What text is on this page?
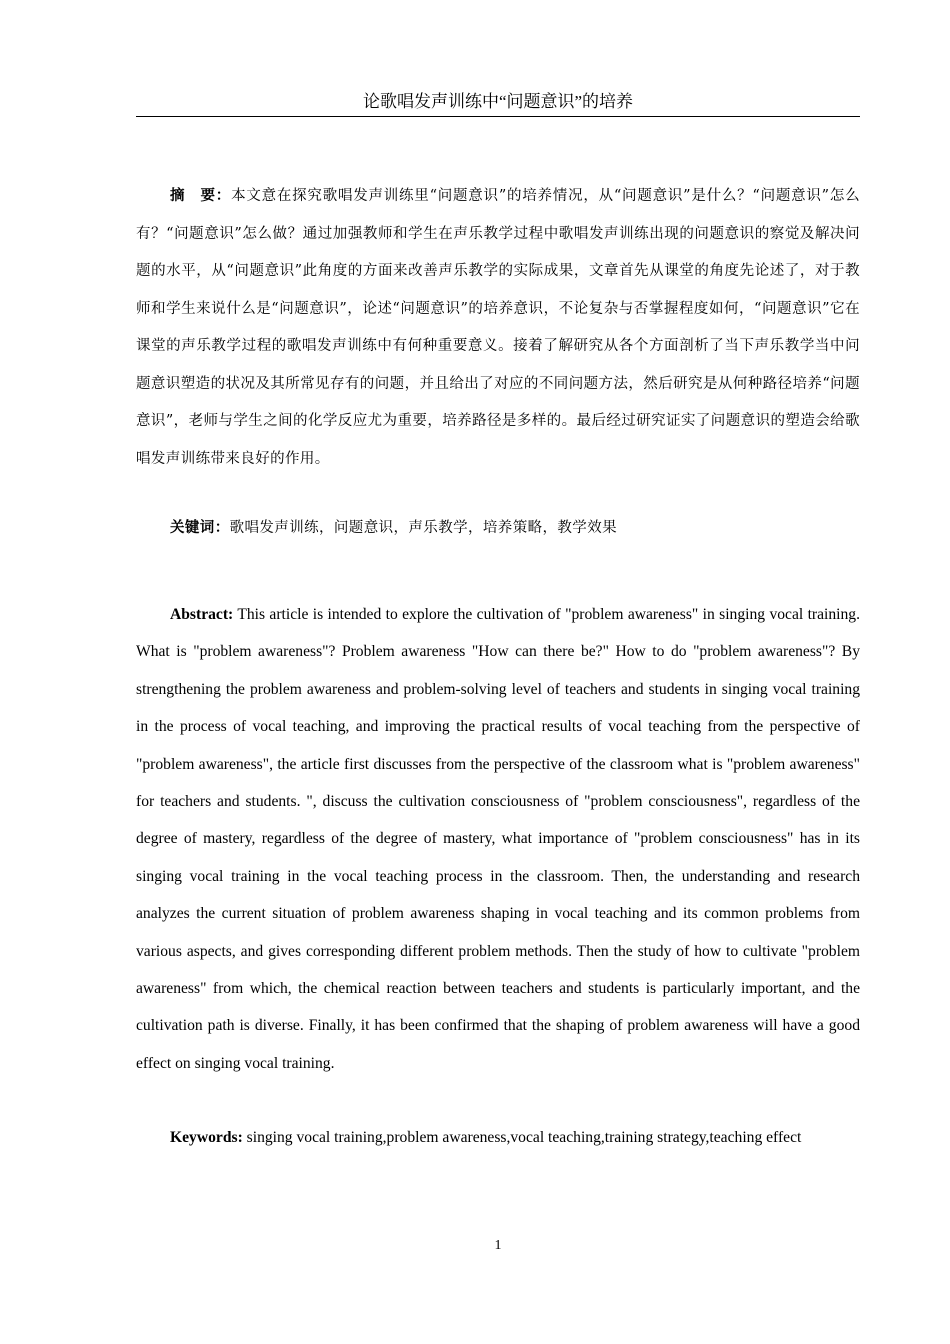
论歌唱发声训练中“问题意识”的培养

摘　要：本文意在探究歌唱发声训练里“问题意识”的培养情况，从“问题意识”是什么？“问题意识”怎么有？“问题意识”怎么做？通过加强教师和学生在声乐教学过程中歌唱发声训练出现的问题意识的察觉及解决问题的水平，从“问题意识”此角度的方面来改善声乐教学的实际成果，文章首先从课堂的角度先论述了，对于教师和学生来说什么是“问题意识”，论述“问题意识”的培养意识，不论复杂与否掌握程度如何，“问题意识”它在课堂的声乐教学过程的歌唱发声训练中有何种重要意义。接着了解研究从各个方面剖析了当下声乐教学当中问题意识塑造的状况及其所常见存有的问题，并且给出了对应的不同问题方法，然后研究是从何种路径培养“问题意识”，老师与学生之间的化学反应尤为重要，培养路径是多样的。最后经过研究证实了问题意识的塑造会给歌唱发声训练带来良好的作用。

关键词：歌唱发声训练，问题意识，声乐教学，培养策略，教学效果

Abstract: This article is intended to explore the cultivation of "problem awareness" in singing vocal training. What is "problem awareness"? Problem awareness "How can there be?" How to do "problem awareness"? By strengthening the problem awareness and problem-solving level of teachers and students in singing vocal training in the process of vocal teaching, and improving the practical results of vocal teaching from the perspective of "problem awareness", the article first discusses from the perspective of the classroom what is "problem awareness" for teachers and students. ", discuss the cultivation consciousness of "problem consciousness", regardless of the degree of mastery, regardless of the degree of mastery, what importance of "problem consciousness" has in its singing vocal training in the vocal teaching process in the classroom. Then, the understanding and research analyzes the current situation of problem awareness shaping in vocal teaching and its common problems from various aspects, and gives corresponding different problem methods. Then the study of how to cultivate "problem awareness" from which, the chemical reaction between teachers and students is particularly important, and the cultivation path is diverse. Finally, it has been confirmed that the shaping of problem awareness will have a good effect on singing vocal training.

Keywords: singing vocal training,problem awareness,vocal teaching,training strategy,teaching effect

1
